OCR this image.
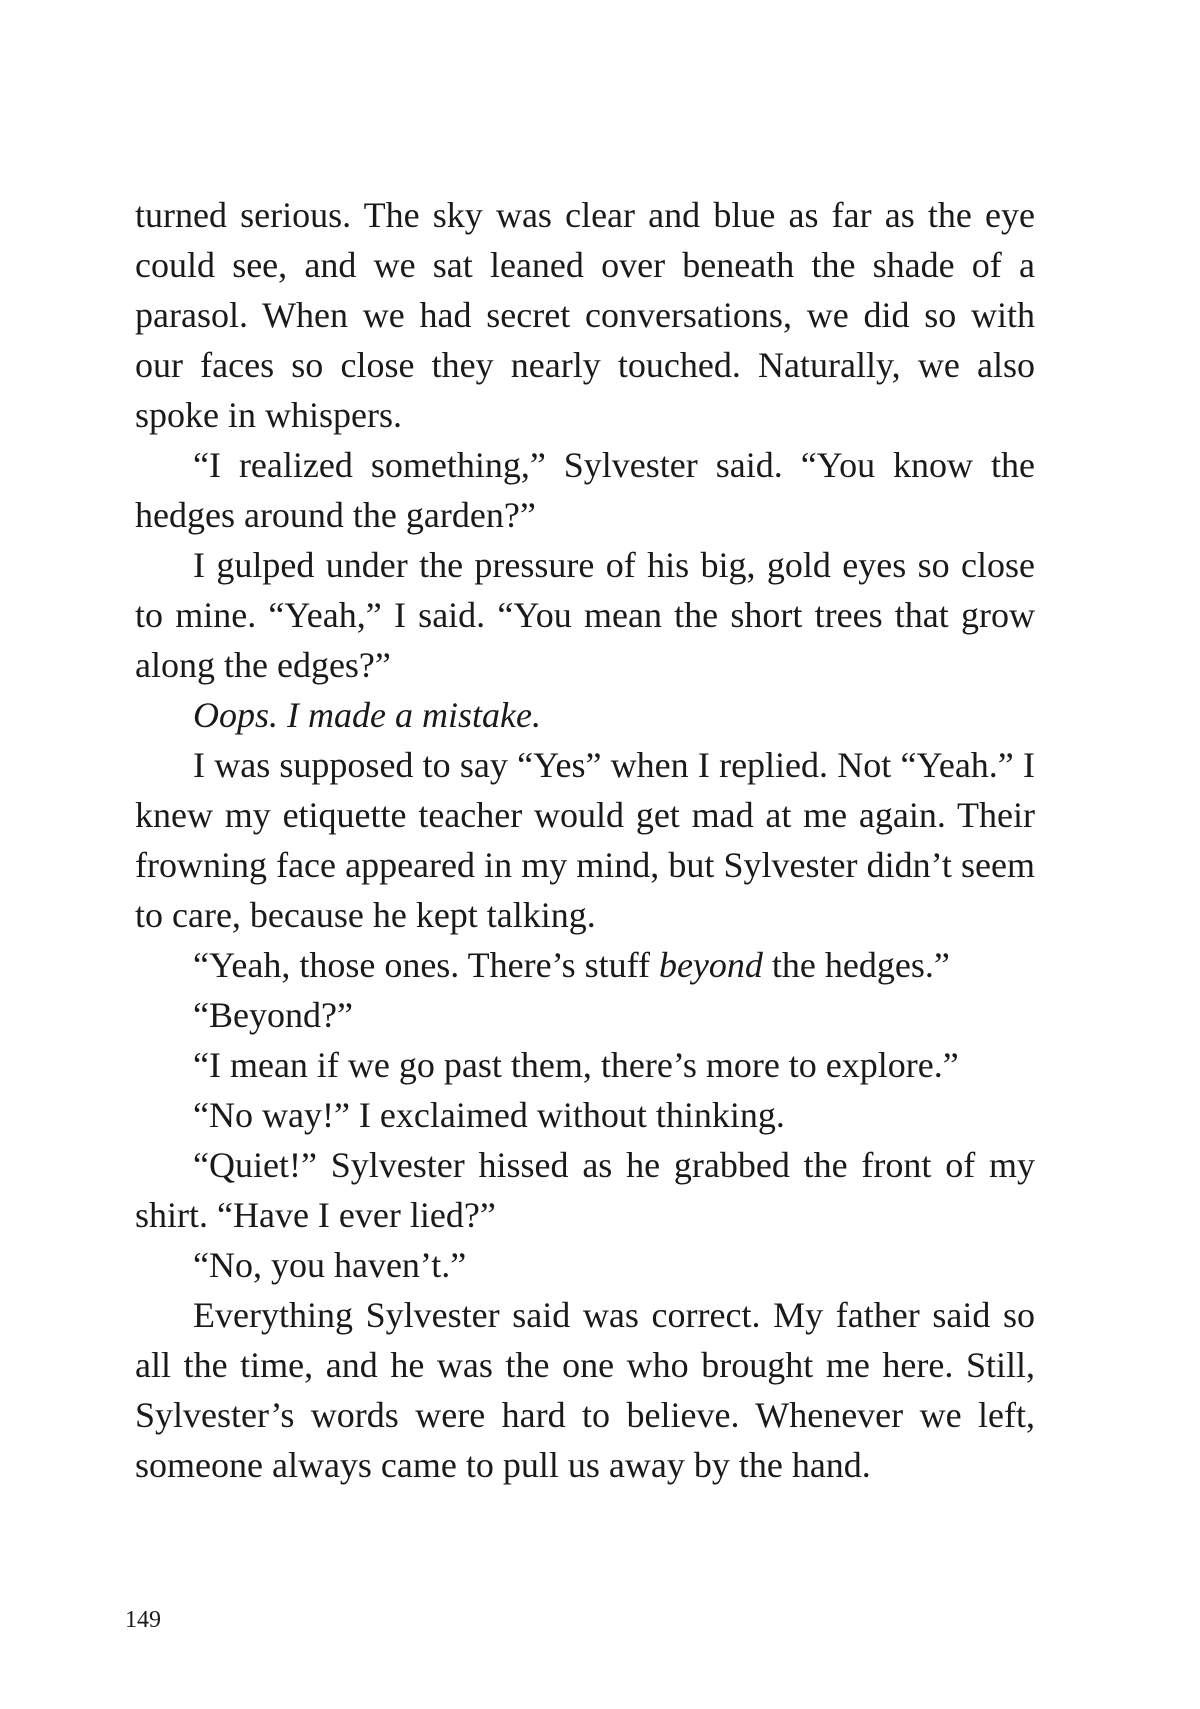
turned serious. The sky was clear and blue as far as the eye could see, and we sat leaned over beneath the shade of a parasol. When we had secret conversations, we did so with our faces so close they nearly touched. Naturally, we also spoke in whispers.

“I realized something,” Sylvester said. “You know the hedges around the garden?”

I gulped under the pressure of his big, gold eyes so close to mine. “Yeah,” I said. “You mean the short trees that grow along the edges?”

Oops. I made a mistake.

I was supposed to say “Yes” when I replied. Not “Yeah.” I knew my etiquette teacher would get mad at me again. Their frowning face appeared in my mind, but Sylvester didn’t seem to care, because he kept talking.

“Yeah, those ones. There’s stuff beyond the hedges.”

“Beyond?”

“I mean if we go past them, there’s more to explore.”

“No way!” I exclaimed without thinking.

“Quiet!” Sylvester hissed as he grabbed the front of my shirt. “Have I ever lied?”

“No, you haven’t.”

Everything Sylvester said was correct. My father said so all the time, and he was the one who brought me here. Still, Sylvester’s words were hard to believe. Whenever we left, someone always came to pull us away by the hand.

149
